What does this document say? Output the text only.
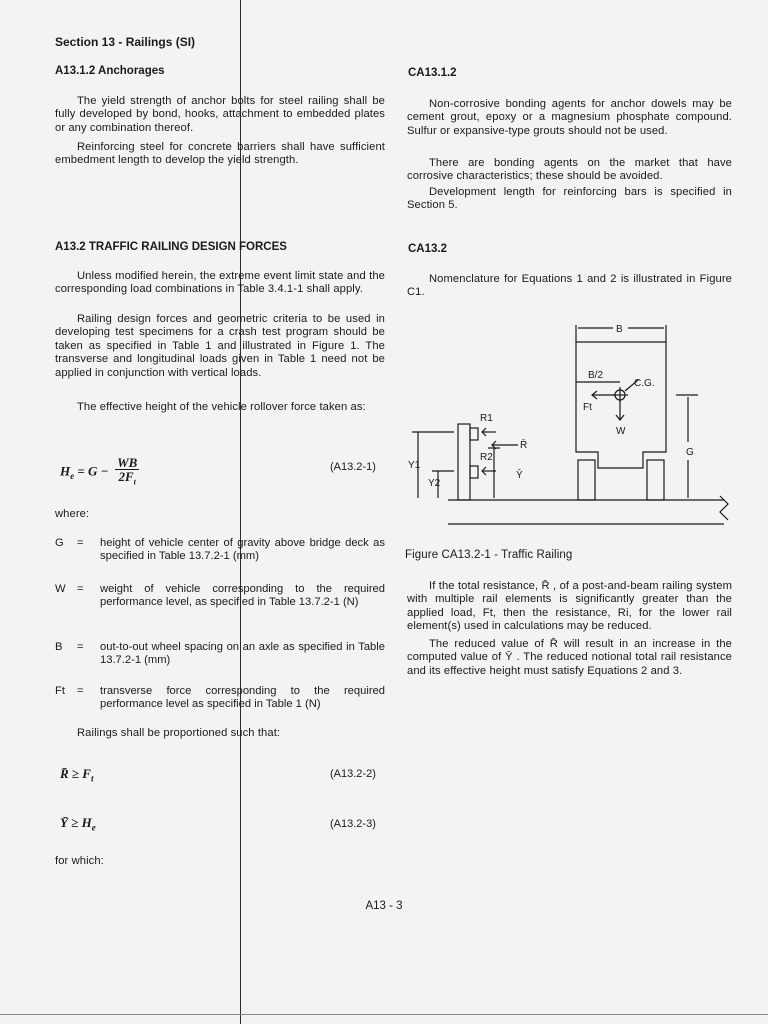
Section 13 - Railings (SI)
A13.1.2 Anchorages

The yield strength of anchor bolts for steel railing shall be fully developed by bond, hooks, attachment to embedded plates or any combination thereof.

Reinforcing steel for concrete barriers shall have sufficient embedment length to develop the yield strength.

A13.2 TRAFFIC RAILING DESIGN FORCES

Unless modified herein, the extreme event limit state and the corresponding load combinations in Table 3.4.1-1 shall apply.

Railing design forces and geometric criteria to be used in developing test specimens for a crash test program should be taken as specified in Table 1 and illustrated in Figure 1. The transverse and longitudinal loads given in Table 1 need not be applied in conjunction with vertical loads.

The effective height of the vehicle rollover force taken as:

$H_e = G - \frac{WB}{2F_t}$	(A13.2-1)
where:
G	=	height of vehicle center of gravity above bridge deck as specified in Table 13.7.2-1 (mm)
W	=	weight of vehicle corresponding to the required performance level, as specified in Table 13.7.2-1 (N)
B	=	out-to-out wheel spacing on an axle as specified in Table 13.7.2-1 (mm)
Ft	=	transverse force corresponding to the required performance level as specified in Table 1 (N)

Railings shall be proportioned such that:

R̄ ≥ $F_t$	(A13.2-2)
Ȳ ≥ $H_e$	(A13.2-3)
for which:
CA13.1.2

Non-corrosive bonding agents for anchor dowels may be cement grout, epoxy or a magnesium phosphate compound. Sulfur or expansive-type grouts should not be used.

There are bonding agents on the market that have corrosive characteristics; these should be avoided.

Development length for reinforcing bars is specified in Section 5.

CA13.2

Nomenclature for Equations 1 and 2 is illustrated in Figure C1.

B
B/2
C.G.
Ft
W
G
R1
R̄
R2
Ȳ
Y1
Y2
Figure CA13.2-1 - Traffic Railing

If the total resistance, R̄ , of a post-and-beam railing system with multiple rail elements is significantly greater than the applied load, Ft, then the resistance, Ri, for the lower rail element(s) used in calculations may be reduced.

The reduced value of R̄ will result in an increase in the computed value of Ȳ . The reduced notional total rail resistance and its effective height must satisfy Equations 2 and 3.

A13 - 3
